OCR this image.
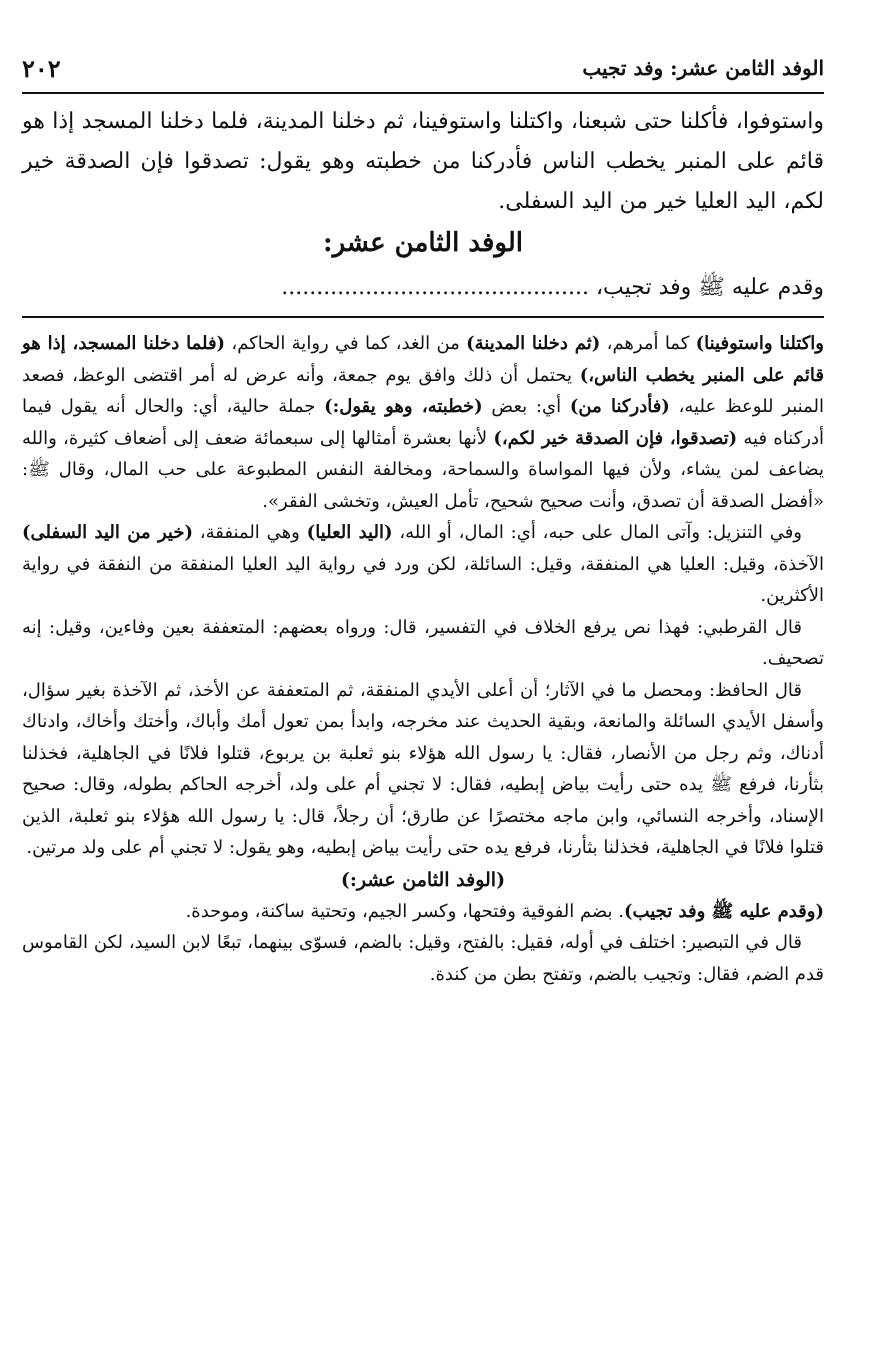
٢٠٢	الوفد الثامن عشر: وفد تجيب

واستوفوا، فأكلنا حتى شبعنا، واكتلنا واستوفينا، ثم دخلنا المدينة، فلما دخلنا المسجد إذا هو قائم على المنبر يخطب الناس فأدركنا من خطبته وهو يقول: تصدقوا فإن الصدقة خير لكم، اليد العليا خير من اليد السفلى.

الوفد الثامن عشر:
وقدم عليه ﷺ وفد تجيب، ............................................

واكتلنا واستوفينا) كما أمرهم، (ثم دخلنا المدينة) من الغد، كما في رواية الحاكم، (فلما دخلنا المسجد، إذا هو قائم على المنبر يخطب الناس،) يحتمل أن ذلك وافق يوم جمعة، وأنه عرض له أمر اقتضى الوعظ، فصعد المنبر للوعظ عليه، (فأدركنا من) أي: بعض (خطبته، وهو يقول:) جملة حالية، أي: والحال أنه يقول فيما أدركناه فيه (تصدقوا، فإن الصدقة خير لكم،) لأنها بعشرة أمثالها إلى سبعمائة ضعف إلى أضعاف كثيرة، والله يضاعف لمن يشاء، ولأن فيها المواساة والسماحة، ومخالفة النفس المطبوعة على حب المال، وقال ﷺ: «أفضل الصدقة أن تصدق، وأنت صحيح شحيح، تأمل العيش، وتخشى الفقر».

وفي التنزيل: وآتى المال على حبه، أي: المال، أو الله، (اليد العليا) وهي المنفقة، (خير من اليد السفلى) الآخذة، وقيل: العليا هي المنفقة، وقيل: السائلة، لكن ورد في رواية اليد العليا المنفقة من النفقة في رواية الأكثرين.

قال القرطبي: فهذا نص يرفع الخلاف في التفسير، قال: ورواه بعضهم: المتعففة بعين وفاءين، وقيل: إنه تصحيف.

قال الحافظ: ومحصل ما في الآثار؛ أن أعلى الأيدي المنفقة، ثم المتعففة عن الأخذ، ثم الآخذة بغير سؤال، وأسفل الأيدي السائلة والمانعة، وبقية الحديث عند مخرجه، وابدأ بمن تعول أمك وأباك، وأختك وأخاك، وادناك أدناك، وثم رجل من الأنصار، فقال: يا رسول الله هؤلاء بنو ثعلبة بن يربوع، قتلوا فلانًا في الجاهلية، فخذلنا بثأرنا، فرفع ﷺ يده حتى رأيت بياض إبطيه، فقال: لا تجني أم على ولد، أخرجه الحاكم بطوله، وقال: صحيح الإسناد، وأخرجه النسائي، وابن ماجه مختصرًا عن طارق؛ أن رجلاً، قال: يا رسول الله هؤلاء بنو ثعلبة، الذين قتلوا فلانًا في الجاهلية، فخذلنا بثأرنا، فرفع يده حتى رأيت بياض إبطيه، وهو يقول: لا تجني أم على ولد مرتين.

(الوفد الثامن عشر:)

(وقدم عليه ﷺ وفد تجيب). بضم الفوقية وفتحها، وكسر الجيم، وتحتية ساكنة، وموحدة.

قال في التبصير: اختلف في أوله، فقيل: بالفتح، وقيل: بالضم، فسوّى بينهما، تبعًا لابن السيد، لكن القاموس قدم الضم، فقال: وتجيب بالضم، وتفتح بطن من كندة.
